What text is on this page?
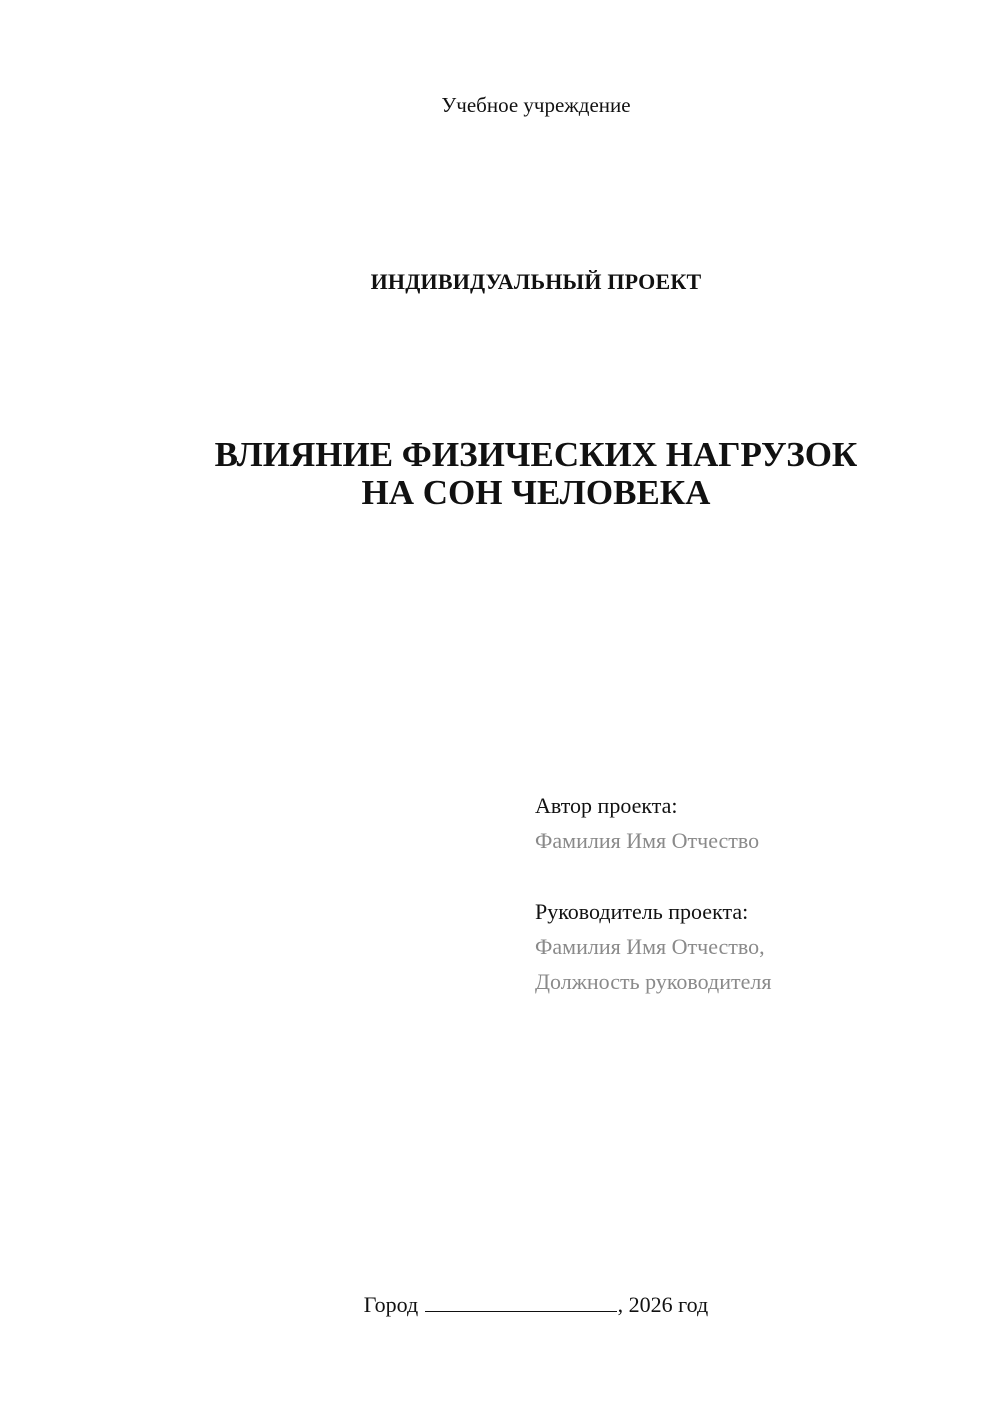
Учебное учреждение
ИНДИВИДУАЛЬНЫЙ ПРОЕКТ
ВЛИЯНИЕ ФИЗИЧЕСКИХ НАГРУЗОК
НА СОН ЧЕЛОВЕКА
Автор проекта:
Фамилия Имя Отчество
Руководитель проекта:
Фамилия Имя Отчество,
Должность руководителя
Город	, 2026 год
